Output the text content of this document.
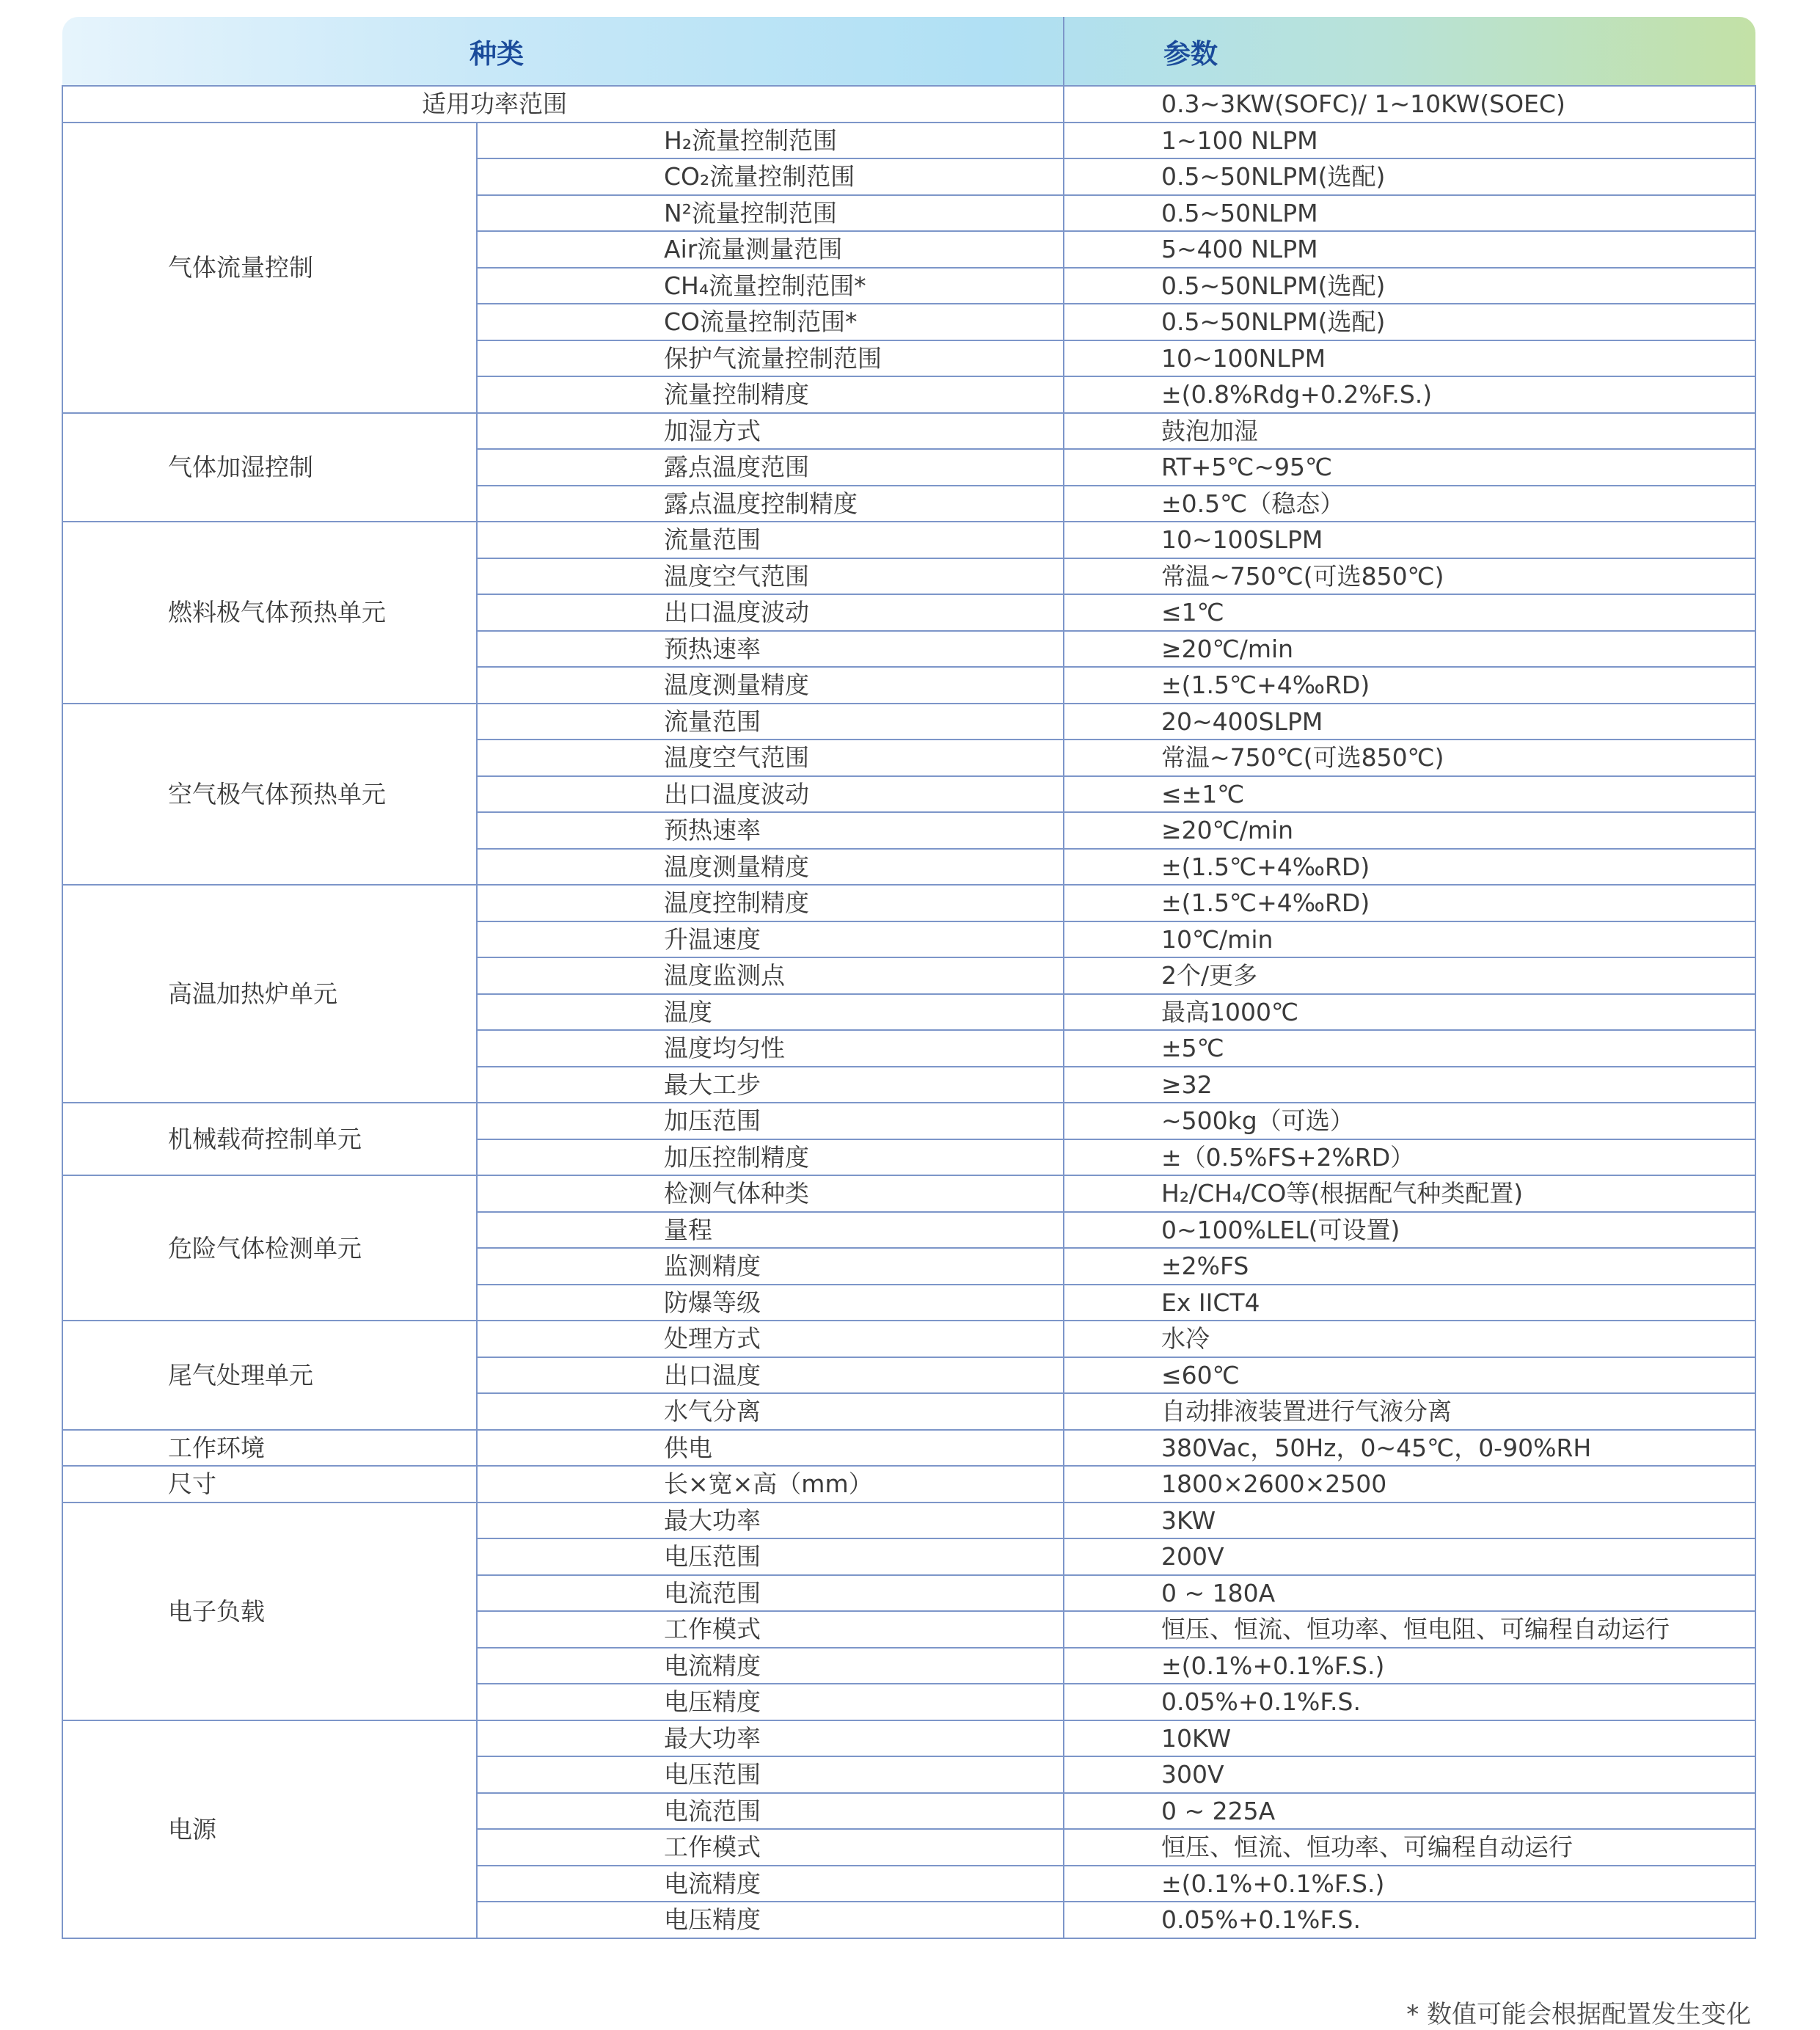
种类		参数
适用功率范围		0.3~3KW(SOFC)/ 1~10KW(SOEC)
气体流量控制	H₂流量控制范围	1~100 NLPM
	CO₂流量控制范围	0.5~50NLPM(选配)
	N²流量控制范围	0.5~50NLPM
	Air流量测量范围	5~400 NLPM
	CH₄流量控制范围*	0.5~50NLPM(选配)
	CO流量控制范围*	0.5~50NLPM(选配)
	保护气流量控制范围	10~100NLPM
	流量控制精度	±(0.8%Rdg+0.2%F.S.)
气体加湿控制	加湿方式	鼓泡加湿
	露点温度范围	RT+5℃~95℃
	露点温度控制精度	±0.5℃（稳态）
燃料极气体预热单元	流量范围	10~100SLPM
	温度空气范围	常温~750℃(可选850℃)
	出口温度波动	≤1℃
	预热速率	≥20℃/min
	温度测量精度	±(1.5℃+4‰RD)
空气极气体预热单元	流量范围	20~400SLPM
	温度空气范围	常温~750℃(可选850℃)
	出口温度波动	≤±1℃
	预热速率	≥20℃/min
	温度测量精度	±(1.5℃+4‰RD)
高温加热炉单元	温度控制精度	±(1.5℃+4‰RD)
	升温速度	10℃/min
	温度监测点	2个/更多
	温度	最高1000℃
	温度均匀性	±5℃
	最大工步	≥32
机械载荷控制单元	加压范围	~500kg（可选）
	加压控制精度	±（0.5%FS+2%RD）
危险气体检测单元	检测气体种类	H₂/CH₄/CO等(根据配气种类配置)
	量程	0~100%LEL(可设置)
	监测精度	±2%FS
	防爆等级	Ex IICT4
尾气处理单元	处理方式	水冷
	出口温度	≤60℃
	水气分离	自动排液装置进行气液分离
工作环境	供电	380Vac，50Hz，0~45℃，0-90%RH
尺寸	长×宽×高（mm）	1800×2600×2500
电子负载	最大功率	3KW
	电压范围	200V
	电流范围	0 ~ 180A
	工作模式	恒压、恒流、恒功率、恒电阻、可编程自动运行
	电流精度	±(0.1%+0.1%F.S.)
	电压精度	0.05%+0.1%F.S.
电源	最大功率	10KW
	电压范围	300V
	电流范围	0 ~ 225A
	工作模式	恒压、恒流、恒功率、可编程自动运行
	电流精度	±(0.1%+0.1%F.S.)
	电压精度	0.05%+0.1%F.S.
* 数值可能会根据配置发生变化
